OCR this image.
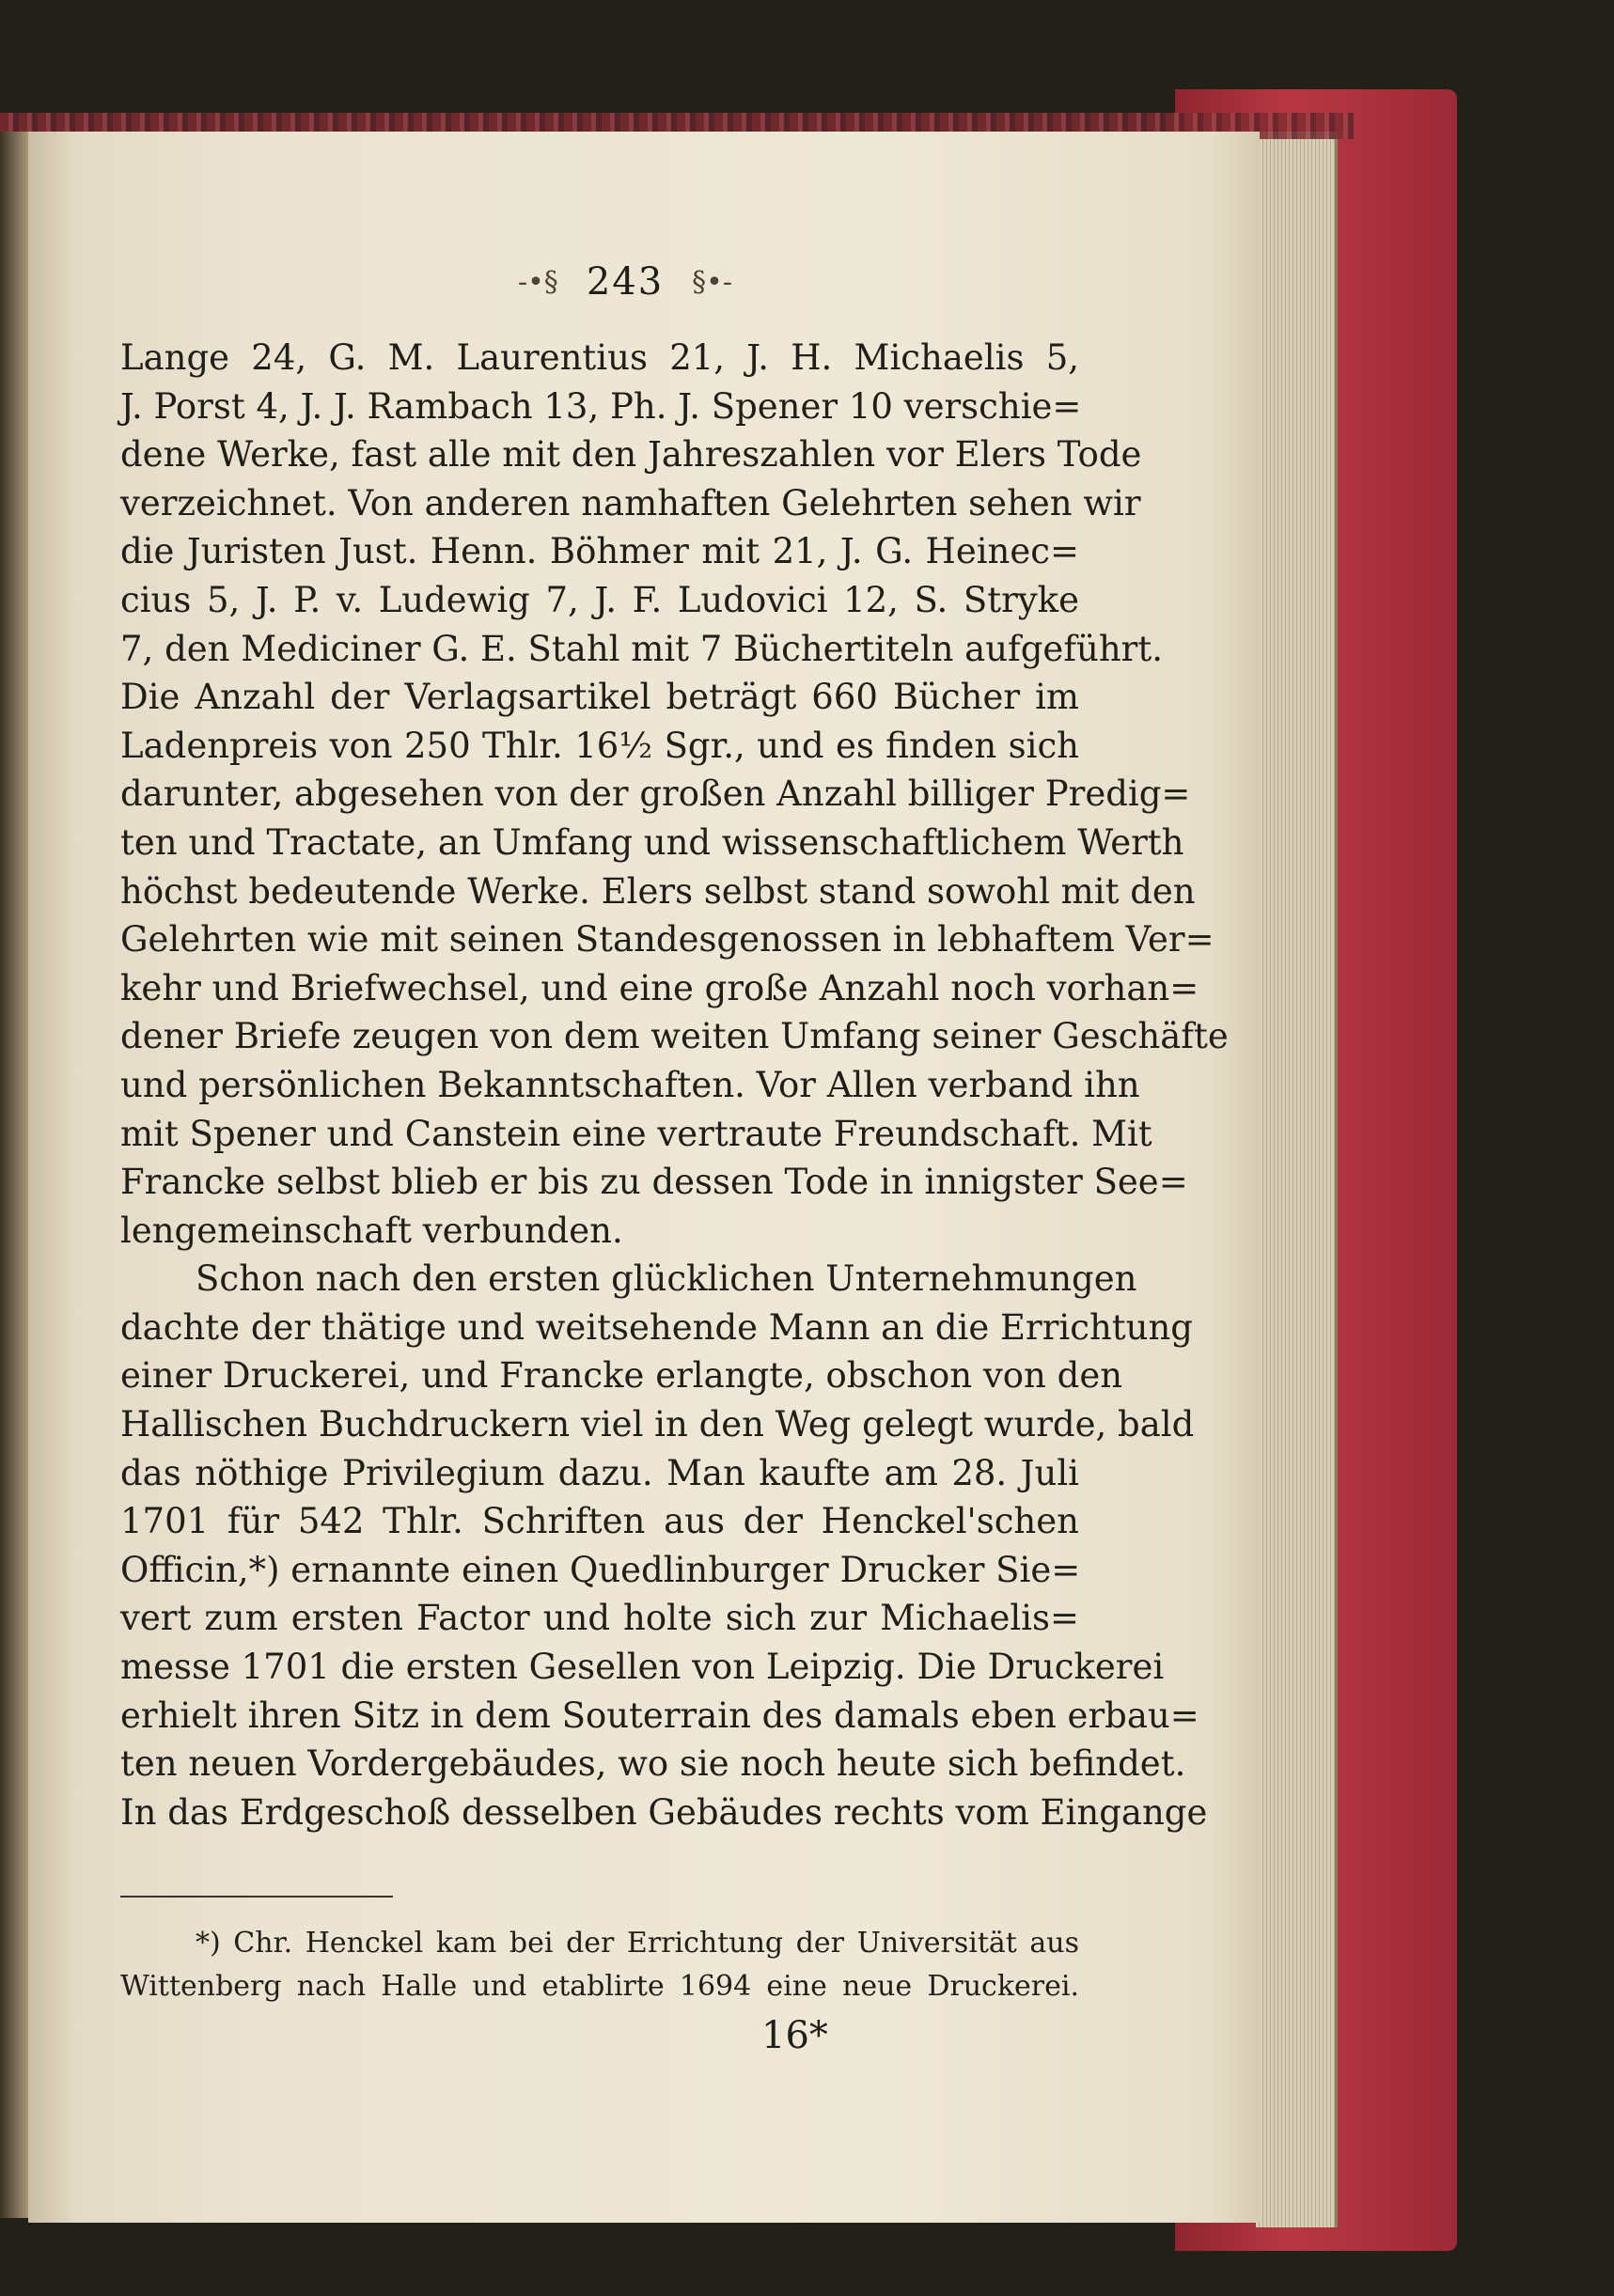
-•§ 243 §•-
Lange 24, G. M. Laurentius 21, J. H. Michaelis 5,
J. Porst 4, J. J. Rambach 13, Ph. J. Spener 10 verschie=
dene Werke, fast alle mit den Jahreszahlen vor Elers Tode
verzeichnet. Von anderen namhaften Gelehrten sehen wir
die Juristen Just. Henn. Böhmer mit 21, J. G. Heinec=
cius 5, J. P. v. Ludewig 7, J. F. Ludovici 12, S. Stryke
7, den Mediciner G. E. Stahl mit 7 Büchertiteln aufgeführt.
Die Anzahl der Verlagsartikel beträgt 660 Bücher im
Ladenpreis von 250 Thlr. 16½ Sgr., und es finden sich
darunter, abgesehen von der großen Anzahl billiger Predig=
ten und Tractate, an Umfang und wissenschaftlichem Werth
höchst bedeutende Werke. Elers selbst stand sowohl mit den
Gelehrten wie mit seinen Standesgenossen in lebhaftem Ver=
kehr und Briefwechsel, und eine große Anzahl noch vorhan=
dener Briefe zeugen von dem weiten Umfang seiner Geschäfte
und persönlichen Bekanntschaften. Vor Allen verband ihn
mit Spener und Canstein eine vertraute Freundschaft. Mit
Francke selbst blieb er bis zu dessen Tode in innigster See=
lengemeinschaft verbunden.
Schon nach den ersten glücklichen Unternehmungen
dachte der thätige und weitsehende Mann an die Errichtung
einer Druckerei, und Francke erlangte, obschon von den
Hallischen Buchdruckern viel in den Weg gelegt wurde, bald
das nöthige Privilegium dazu. Man kaufte am 28. Juli
1701 für 542 Thlr. Schriften aus der Henckel'schen
Officin,*) ernannte einen Quedlinburger Drucker Sie=
vert zum ersten Factor und holte sich zur Michaelis=
messe 1701 die ersten Gesellen von Leipzig. Die Druckerei
erhielt ihren Sitz in dem Souterrain des damals eben erbau=
ten neuen Vordergebäudes, wo sie noch heute sich befindet.
In das Erdgeschoß desselben Gebäudes rechts vom Eingange
*) Chr. Henckel kam bei der Errichtung der Universität aus
Wittenberg nach Halle und etablirte 1694 eine neue Druckerei.
16*
